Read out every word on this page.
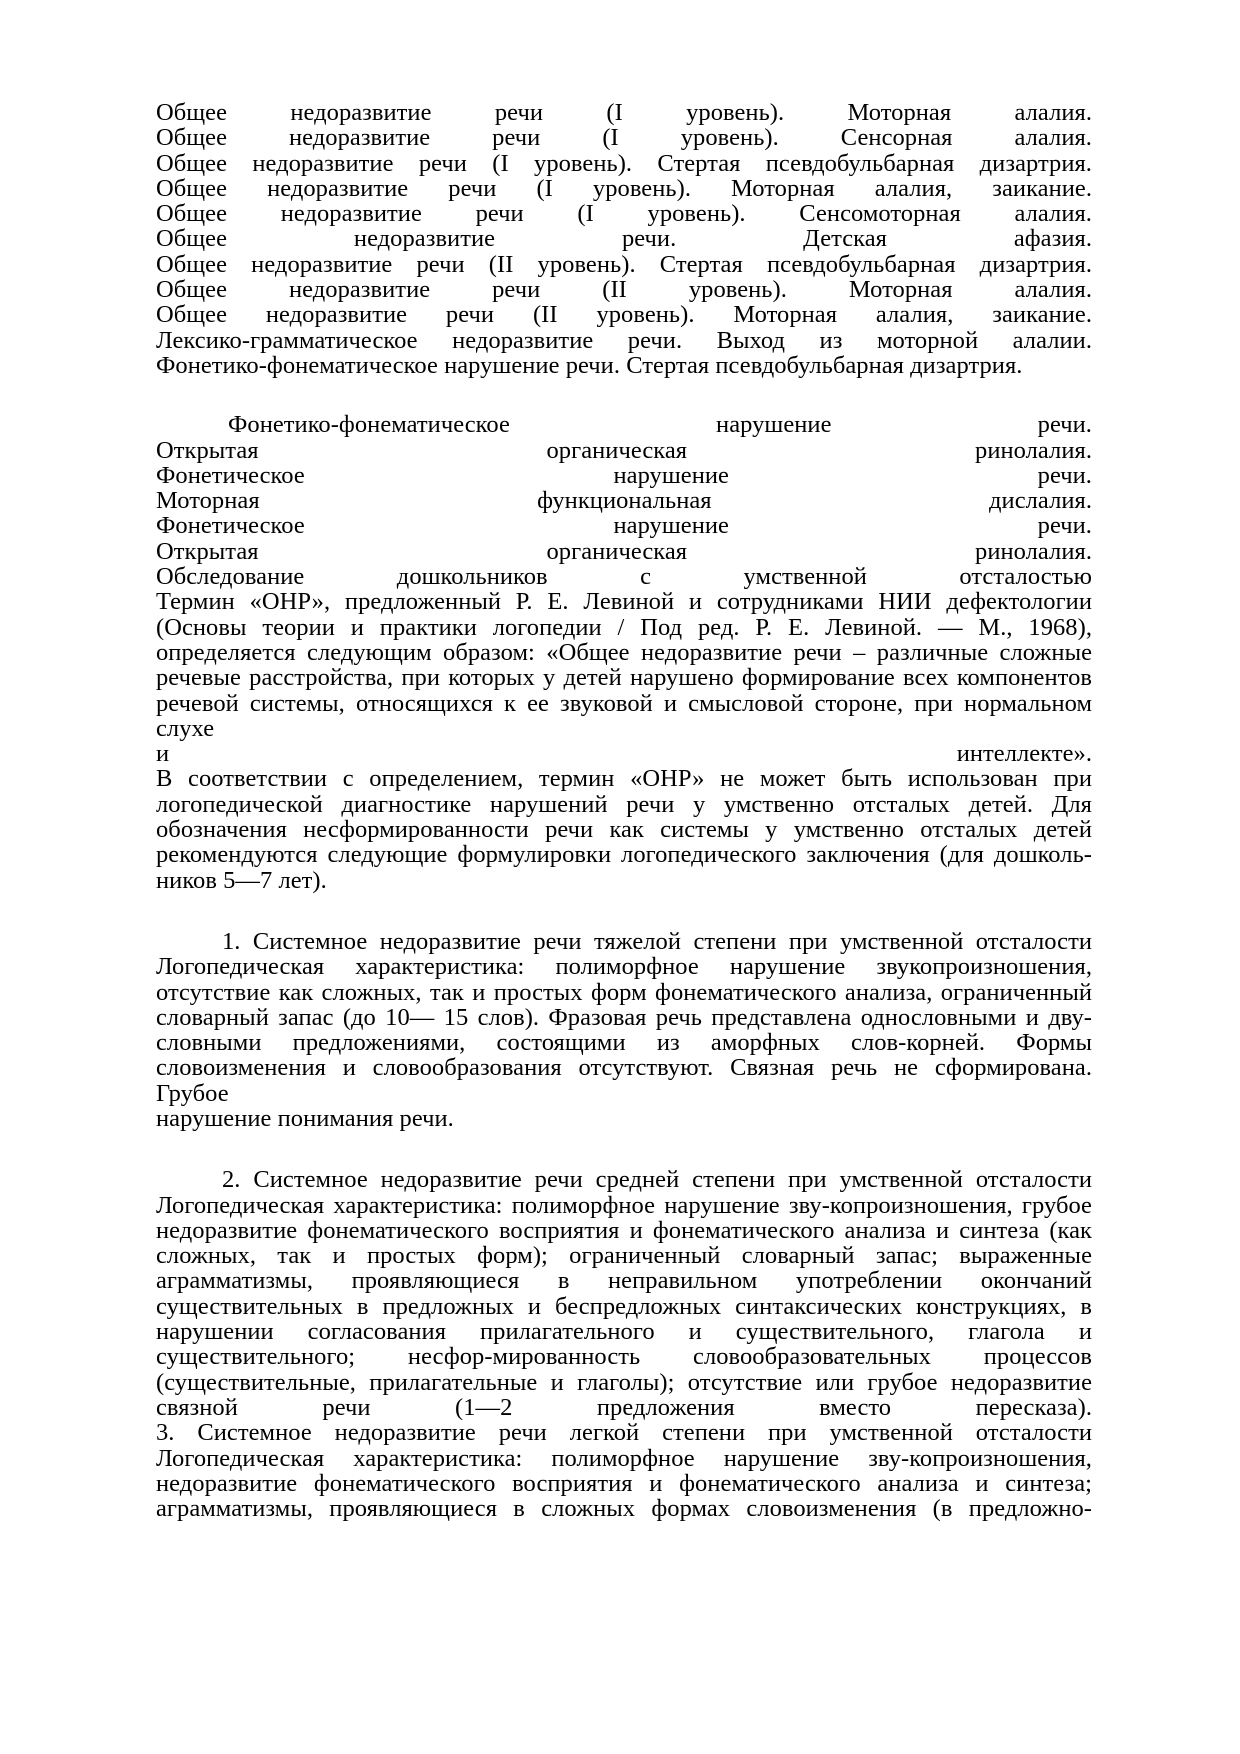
Общее недоразвитие речи (I уровень). Моторная алалия.

Общее недоразвитие речи (I уровень). Сенсорная алалия.

Общее недоразвитие речи (I уровень). Стертая псевдобульбарная дизартрия.

Общее недоразвитие речи (I уровень). Моторная алалия, заикание.

Общее недоразвитие речи (I уровень). Сенсомоторная алалия.

Общее недоразвитие речи. Детская афазия.

Общее недоразвитие речи (II уровень). Стертая псевдобульбарная дизартрия.

Общее недоразвитие речи (II уровень). Моторная алалия.

Общее недоразвитие речи (II уровень). Моторная алалия, заикание.

Лексико-грамматическое недоразвитие речи. Выход из моторной алалии.

Фонетико-фонематическое нарушение речи. Стертая псевдобульбарная дизартрия.

Фонетико-фонематическое нарушение речи.

Открытая органическая ринолалия.

Фонетическое нарушение речи.

Моторная функциональная дислалия.

Фонетическое нарушение речи.

Открытая органическая ринолалия.

Обследование дошкольников с умственной отсталостью

Термин «ОНР», предложенный Р. Е. Левиной и сотрудниками НИИ дефектологии

(Основы теории и практики логопедии / Под ред. Р. Е. Левиной. — М., 1968),

определяется следующим образом: «Общее недоразвитие речи – различные сложные

речевые расстройства, при которых у детей нарушено формирование всех компонентов

речевой системы, относящихся к ее звуковой и смысловой стороне, при нормальном слухе

и интеллекте».

В соответствии с определением, термин «ОНР» не может быть использован при

логопедической диагностике нарушений речи у умственно отсталых детей. Для

обозначения несформированности речи как системы у умственно отсталых детей

рекомендуются следующие формулировки логопедического заключения (для дошколь-

ников 5—7 лет).

1. Системное недоразвитие речи тяжелой степени при умственной отсталости

Логопедическая характеристика: полиморфное нарушение звукопроизношения,

отсутствие как сложных, так и простых форм фонематического анализа, ограниченный

словарный запас (до 10— 15 слов). Фразовая речь представлена однословными и дву-

словными предложениями, состоящими из аморфных слов-корней. Формы

словоизменения и словообразования отсутствуют. Связная речь не сформирована. Грубое

нарушение понимания речи.

2. Системное недоразвитие речи средней степени при умственной отсталости

Логопедическая характеристика: полиморфное нарушение зву-копроизношения, грубое

недоразвитие фонематического восприятия и фонематического анализа и синтеза (как

сложных, так и простых форм); ограниченный словарный запас; выраженные

аграмматизмы, проявляющиеся в неправильном употреблении окончаний

существительных в предложных и беспредложных синтаксических конструкциях, в

нарушении согласования прилагательного и существительного, глагола и

существительного; несфор-мированность словообразовательных процессов

(существительные, прилагательные и глаголы); отсутствие или грубое недоразвитие

связной речи (1—2 предложения вместо пересказа).

3. Системное недоразвитие речи легкой степени при умственной отсталости

Логопедическая характеристика: полиморфное нарушение зву-копроизношения,

недоразвитие фонематического восприятия и фонематического анализа и синтеза;

аграмматизмы, проявляющиеся в сложных формах словоизменения (в предложно-
